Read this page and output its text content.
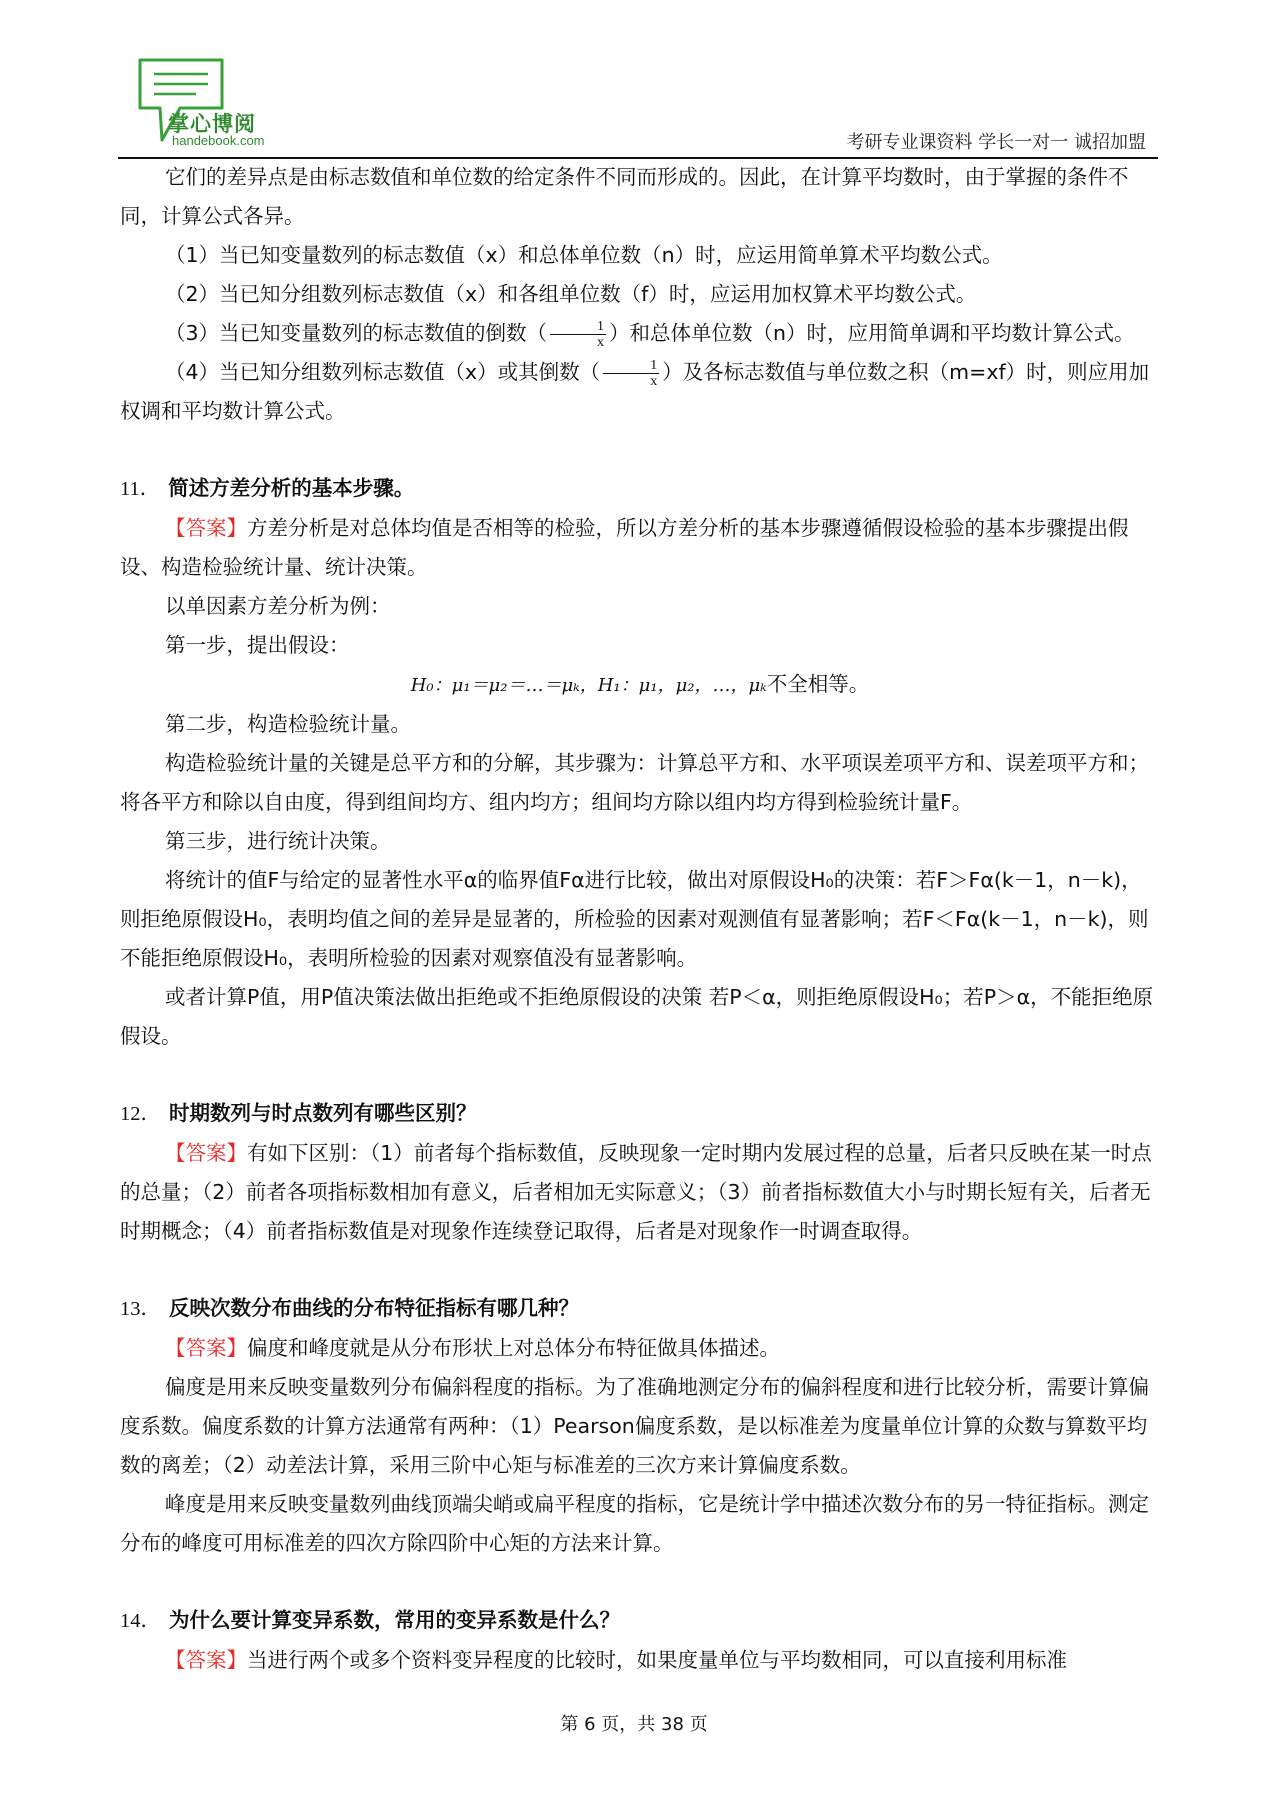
掌心博阅
handebook.com	考研专业课资料 学长一对一 诚招加盟

它们的差异点是由标志数值和单位数的给定条件不同而形成的。因此，在计算平均数时，由于掌握的条件不同，计算公式各异。

（1）当已知变量数列的标志数值（x）和总体单位数（n）时，应运用简单算术平均数公式。

（2）当已知分组数列标志数值（x）和各组单位数（f）时，应运用加权算术平均数公式。

（3）当已知变量数列的标志数值的倒数（ $\frac{1}{x}$ ）和总体单位数（n）时，应用简单调和平均数计算公式。

（4）当已知分组数列标志数值（x）或其倒数（ $\frac{1}{x}$ ）及各标志数值与单位数之积（m=xf）时，则应用加权调和平均数计算公式。

11． 简述方差分析的基本步骤。

【答案】方差分析是对总体均值是否相等的检验，所以方差分析的基本步骤遵循假设检验的基本步骤提出假设、构造检验统计量、统计决策。

以单因素方差分析为例：

第一步，提出假设：

H₀：μ₁＝μ₂＝…＝μₖ，H₁：μ₁，μ₂，…，μₖ不全相等。

第二步，构造检验统计量。

构造检验统计量的关键是总平方和的分解，其步骤为：计算总平方和、水平项误差项平方和、误差项平方和；将各平方和除以自由度，得到组间均方、组内均方；组间均方除以组内均方得到检验统计量F。

第三步，进行统计决策。

将统计的值F与给定的显著性水平α的临界值Fα进行比较，做出对原假设H₀的决策：若F＞Fα(k－1，n－k)，则拒绝原假设H₀，表明均值之间的差异是显著的，所检验的因素对观测值有显著影响；若F＜Fα(k－1，n－k)，则不能拒绝原假设H₀，表明所检验的因素对观察值没有显著影响。

或者计算P值，用P值决策法做出拒绝或不拒绝原假设的决策 若P＜α，则拒绝原假设H₀；若P＞α，不能拒绝原假设。

12． 时期数列与时点数列有哪些区别？

【答案】有如下区别：（1）前者每个指标数值，反映现象一定时期内发展过程的总量，后者只反映在某一时点的总量；（2）前者各项指标数相加有意义，后者相加无实际意义；（3）前者指标数值大小与时期长短有关，后者无时期概念；（4）前者指标数值是对现象作连续登记取得，后者是对现象作一时调查取得。

13． 反映次数分布曲线的分布特征指标有哪几种？

【答案】偏度和峰度就是从分布形状上对总体分布特征做具体描述。

偏度是用来反映变量数列分布偏斜程度的指标。为了准确地测定分布的偏斜程度和进行比较分析，需要计算偏度系数。偏度系数的计算方法通常有两种：（1）Pearson偏度系数，是以标准差为度量单位计算的众数与算数平均数的离差；（2）动差法计算，采用三阶中心矩与标准差的三次方来计算偏度系数。

峰度是用来反映变量数列曲线顶端尖峭或扁平程度的指标，它是统计学中描述次数分布的另一特征指标。测定分布的峰度可用标准差的四次方除四阶中心矩的方法来计算。

14． 为什么要计算变异系数，常用的变异系数是什么？

【答案】当进行两个或多个资料变异程度的比较时，如果度量单位与平均数相同，可以直接利用标准

第 6 页，共 38 页
